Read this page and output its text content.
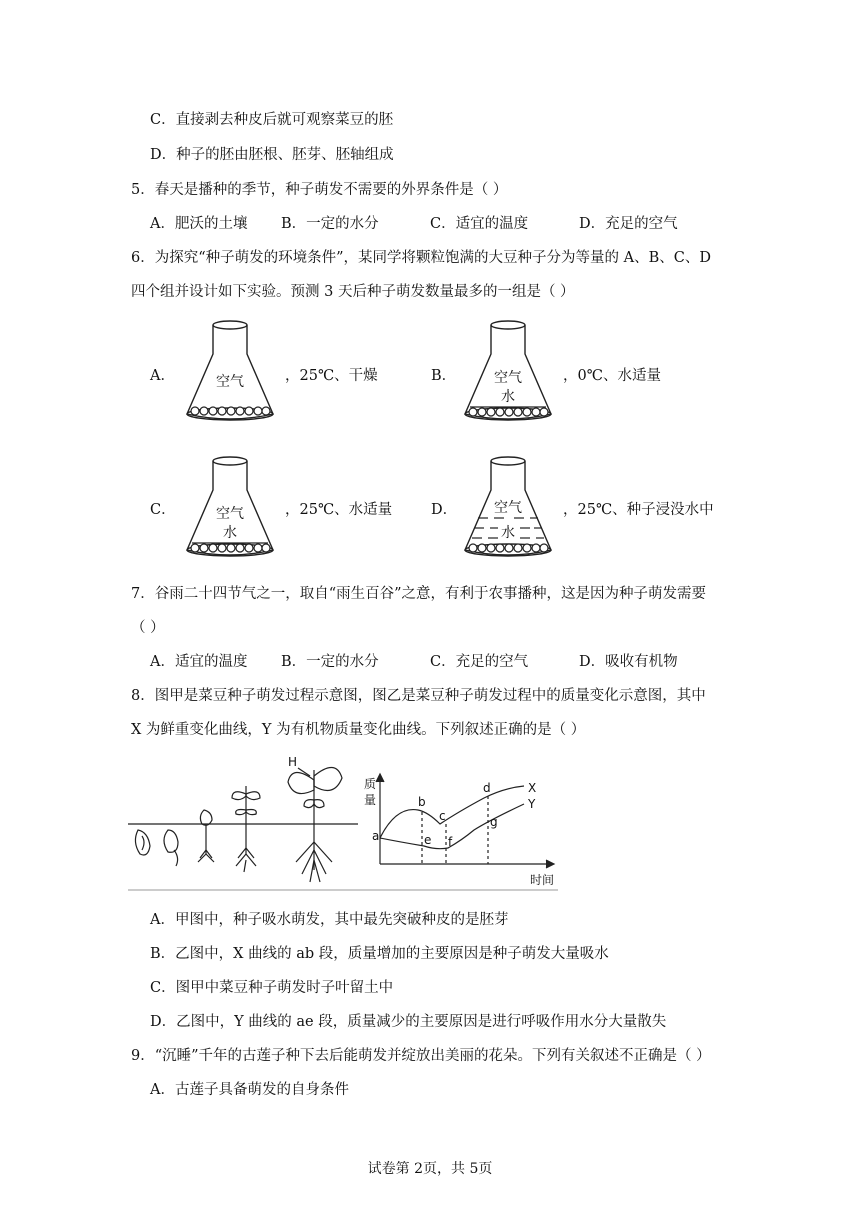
C．直接剥去种皮后就可观察菜豆的胚
D．种子的胚由胚根、胚芽、胚轴组成
5．春天是播种的季节，种子萌发不需要的外界条件是（ ）
A．肥沃的土壤 B．一定的水分	C．适宜的温度	D．充足的空气
6．为探究“种子萌发的环境条件”，某同学将颗粒饱满的大豆种子分为等量的 A、B、C、D
四个组并设计如下实验。预测 3 天后种子萌发数量最多的一组是（ ）
A．	空气	，25℃、干燥	B．	空气
水
，0℃、水适量
C．	空气
水
，25℃、水适量	D．	空气
水
，25℃、种子浸没水中
7．谷雨二十四节气之一，取自“雨生百谷”之意，有利于农事播种，这是因为种子萌发需要
（ ）
A．适宜的温度 B．一定的水分	C．充足的空气	D．吸收有机物
8．图甲是菜豆种子萌发过程示意图，图乙是菜豆种子萌发过程中的质量变化示意图，其中
X 为鲜重变化曲线，Y 为有机物质量变化曲线。下列叙述正确的是（ ）
H
质
量
时间
a
b
c
d
e f
g
X
Y
A．甲图中，种子吸水萌发，其中最先突破种皮的是胚芽
B．乙图中，X 曲线的 ab 段，质量增加的主要原因是种子萌发大量吸水
C．图甲中菜豆种子萌发时子叶留土中
D．乙图中，Y 曲线的 ae 段，质量减少的主要原因是进行呼吸作用水分大量散失
9．“沉睡”千年的古莲子种下去后能萌发并绽放出美丽的花朵。下列有关叙述不正确是（ ）
A．古莲子具备萌发的自身条件
试卷第 2页，共 5页
